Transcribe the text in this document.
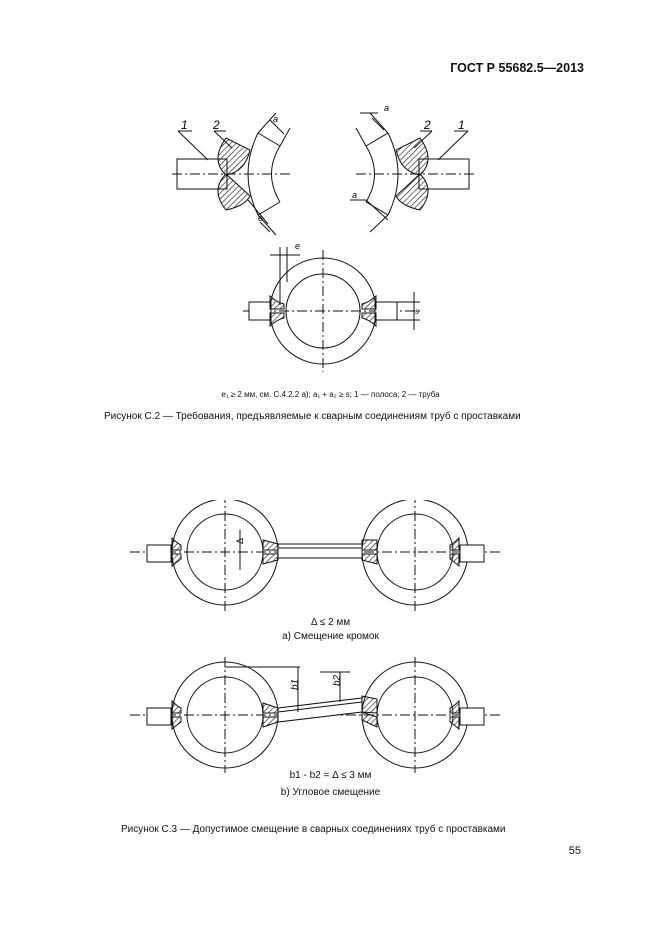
ГОСТ Р 55682.5—2013
1 2	a
e
1
2
a
a
e
s
e₁ ≥ 2 мм, см. С.4.2.2 а); а₁ + а₂ ≥ s; 1 — полоса; 2 — труба
Рисунок С.2 — Требования, предъявляемые к сварным соединениям труб с проставками
Δ
b1	b2
Δ ≤ 2 мм
а) Смещение кромок
b1 - b2 = Δ ≤ 3 мм
b) Угловое смещение
Рисунок С.3 — Допустимое смещение в сварных соединениях труб с проставками
55
